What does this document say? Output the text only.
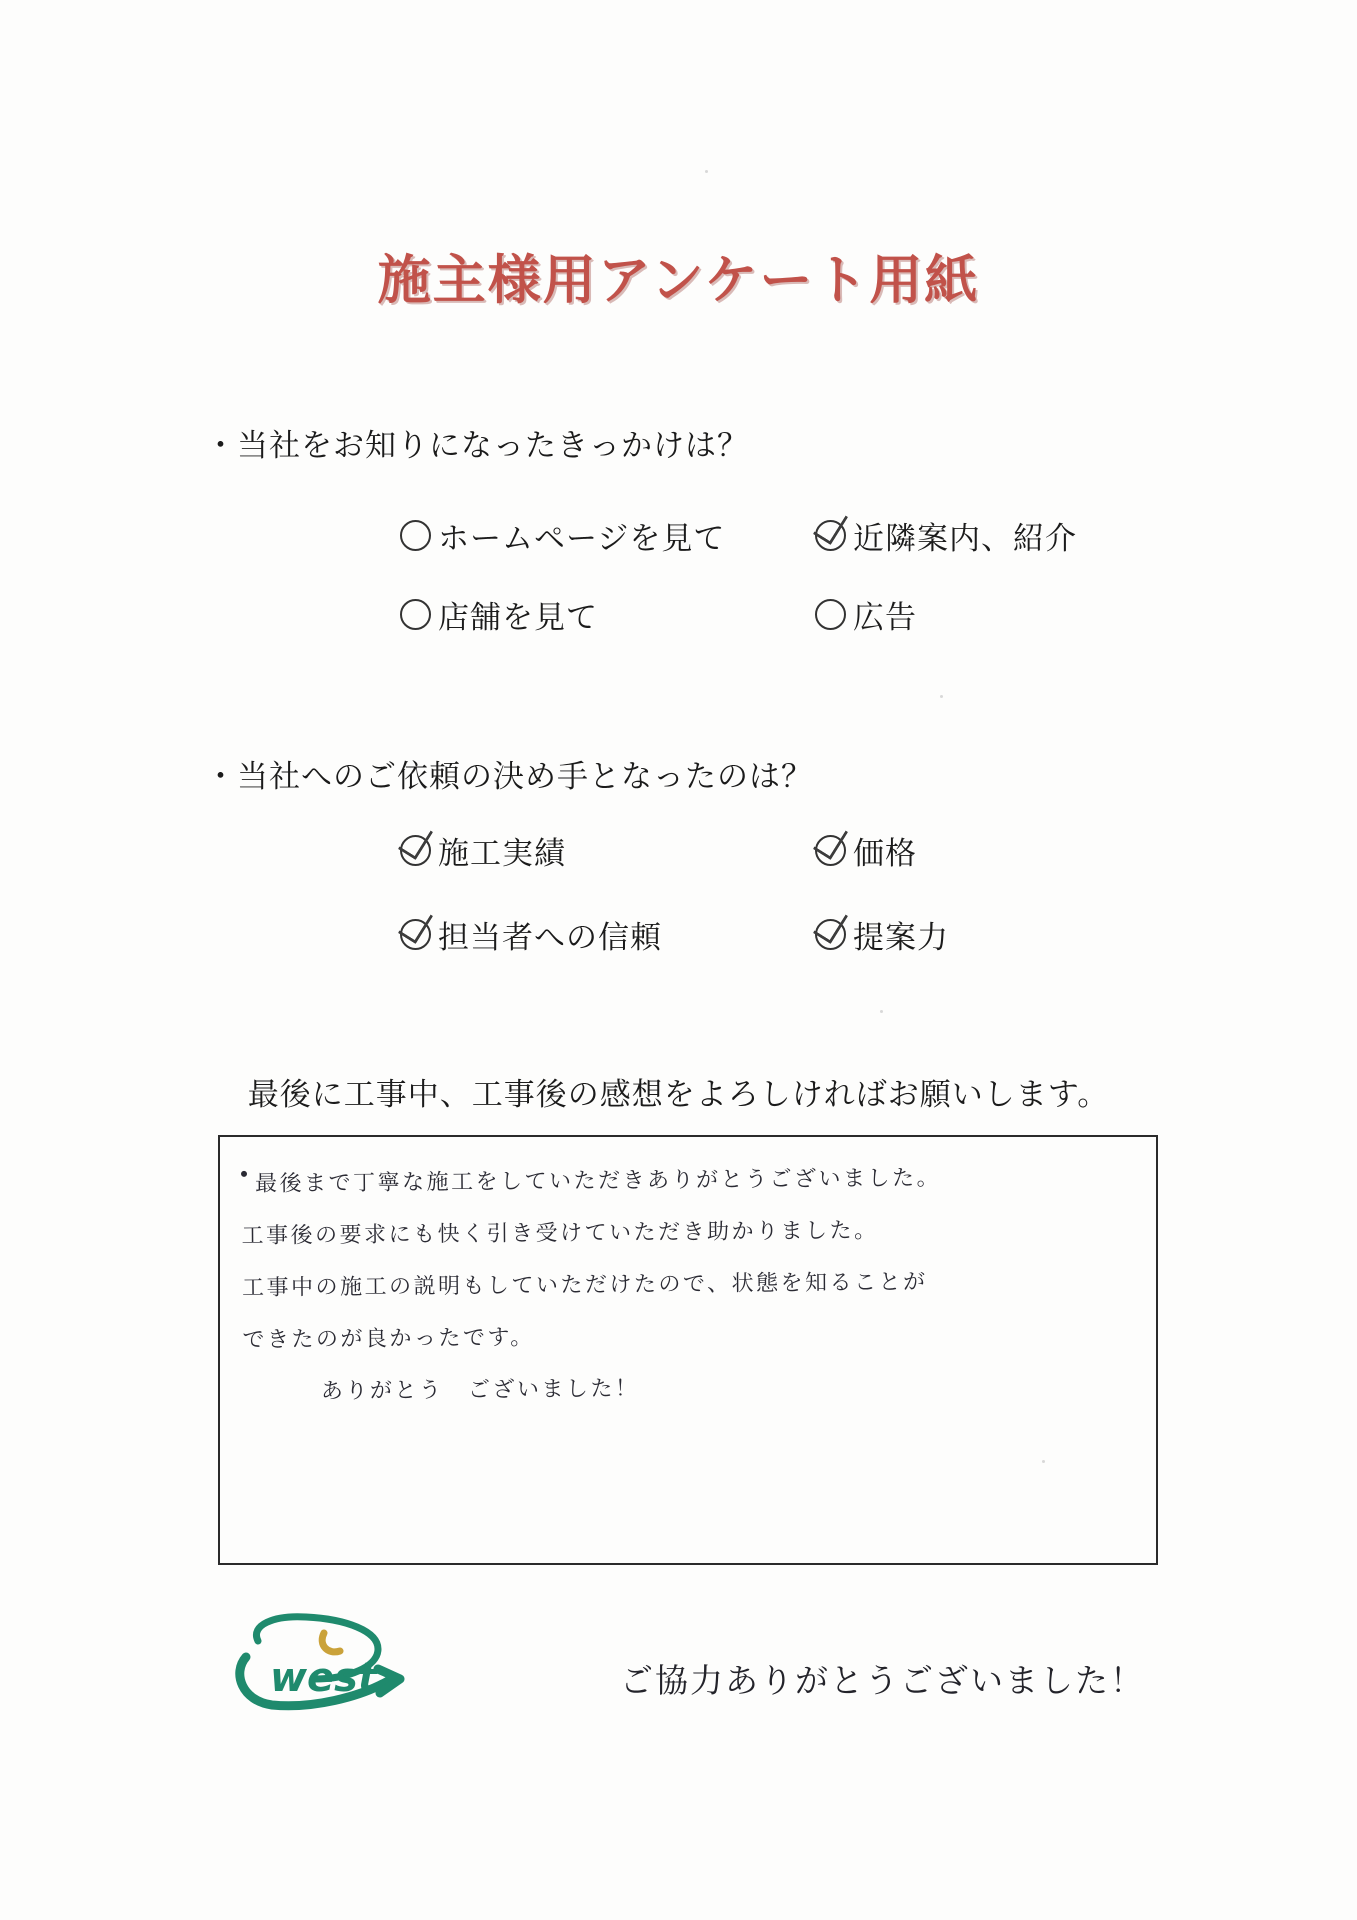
施主様用アンケート用紙
・当社をお知りになったきっかけは？
ホームページを見て	近隣案内、紹介
店舗を見て	広告
・当社へのご依頼の決め手となったのは？
施工実績	価格
担当者への信頼	提案力
最後に工事中、工事後の感想をよろしければお願いします。
最後まで丁寧な施工をしていただきありがとうございました。
工事後の要求にも快く引き受けていただき助かりました。
工事中の施工の説明もしていただけたので、状態を知ることが
できたのが良かったです。
ありがとう　ございました！
west	ご協力ありがとうございました！
